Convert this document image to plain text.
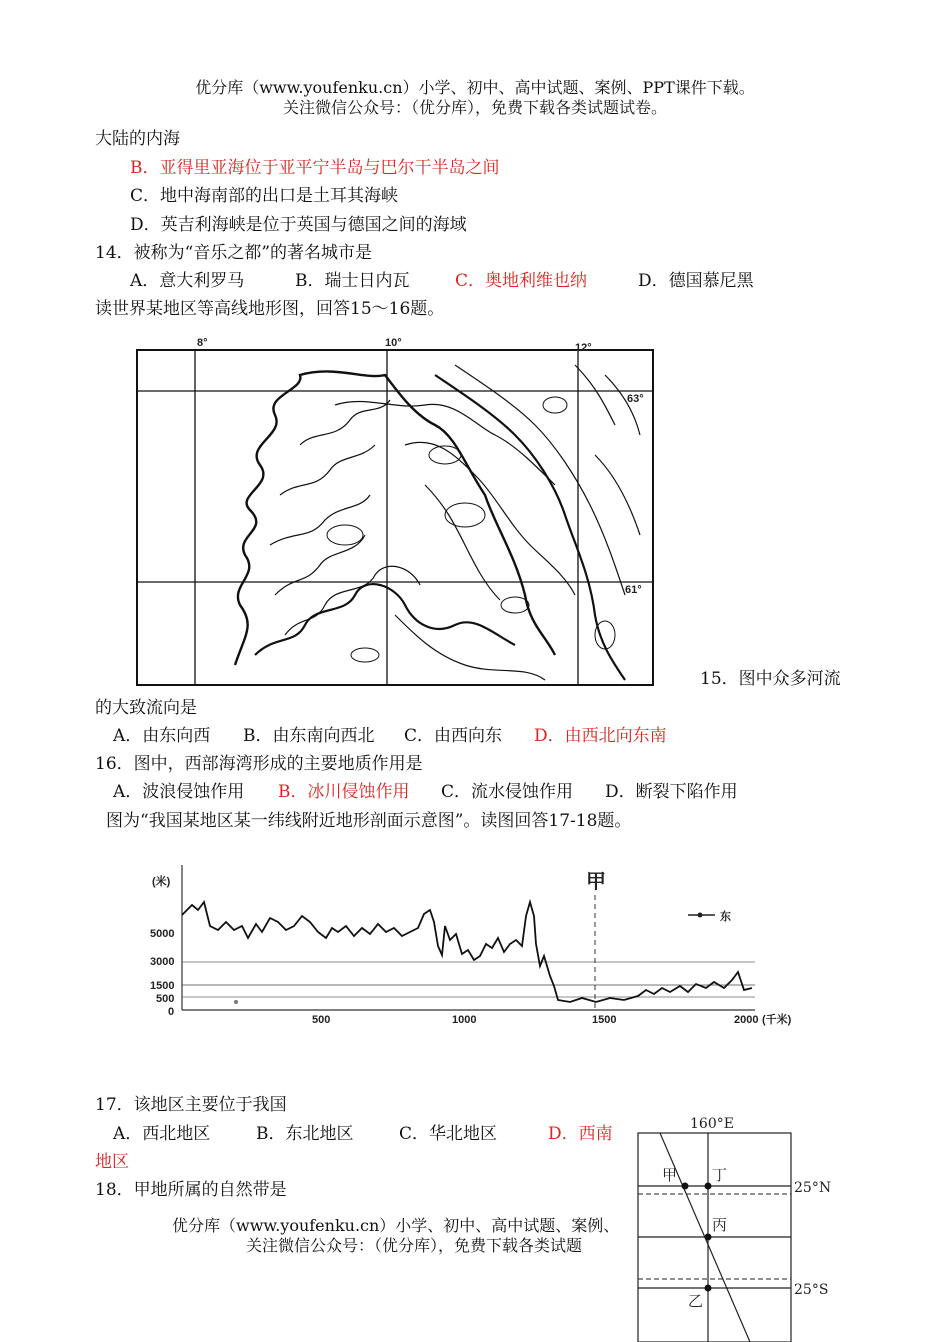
优分库（www.youfenku.cn）小学、初中、高中试题、案例、PPT课件下载。
关注微信公众号：（优分库），免费下载各类试题试卷。
大陆的内海
B．亚得里亚海位于亚平宁半岛与巴尔干半岛之间
C．地中海南部的出口是土耳其海峡
D．英吉利海峡是位于英国与德国之间的海域
14．被称为“音乐之都”的著名城市是
A．意大利罗马	B．瑞士日内瓦	C．奥地利维也纳	D．德国慕尼黑
读世界某地区等高线地形图，回答15～16题。
8°	10°	12°
63°
61°
15．图中众多河流
的大致流向是
A．由东向西 B．由东南向西北 C．由西向东 D．由西北向东南
16．图中，西部海湾形成的主要地质作用是
A．波浪侵蚀作用 B．冰川侵蚀作用 C．流水侵蚀作用 D．断裂下陷作用
图为“我国某地区某一纬线附近地形剖面示意图”。读图回答17-18题。
(米)
5000
3000
1500
500
0
500	1000	1500	2000 (千米)
甲
东
17．该地区主要位于我国
A．西北地区	B．东北地区	C．华北地区	D．西南
地区
18．甲地所属的自然带是
优分库（www.youfenku.cn）小学、初中、高中试题、案例、
关注微信公众号：（优分库），免费下载各类试题
160°E
甲 丁
丙
乙
25°N
25°S
